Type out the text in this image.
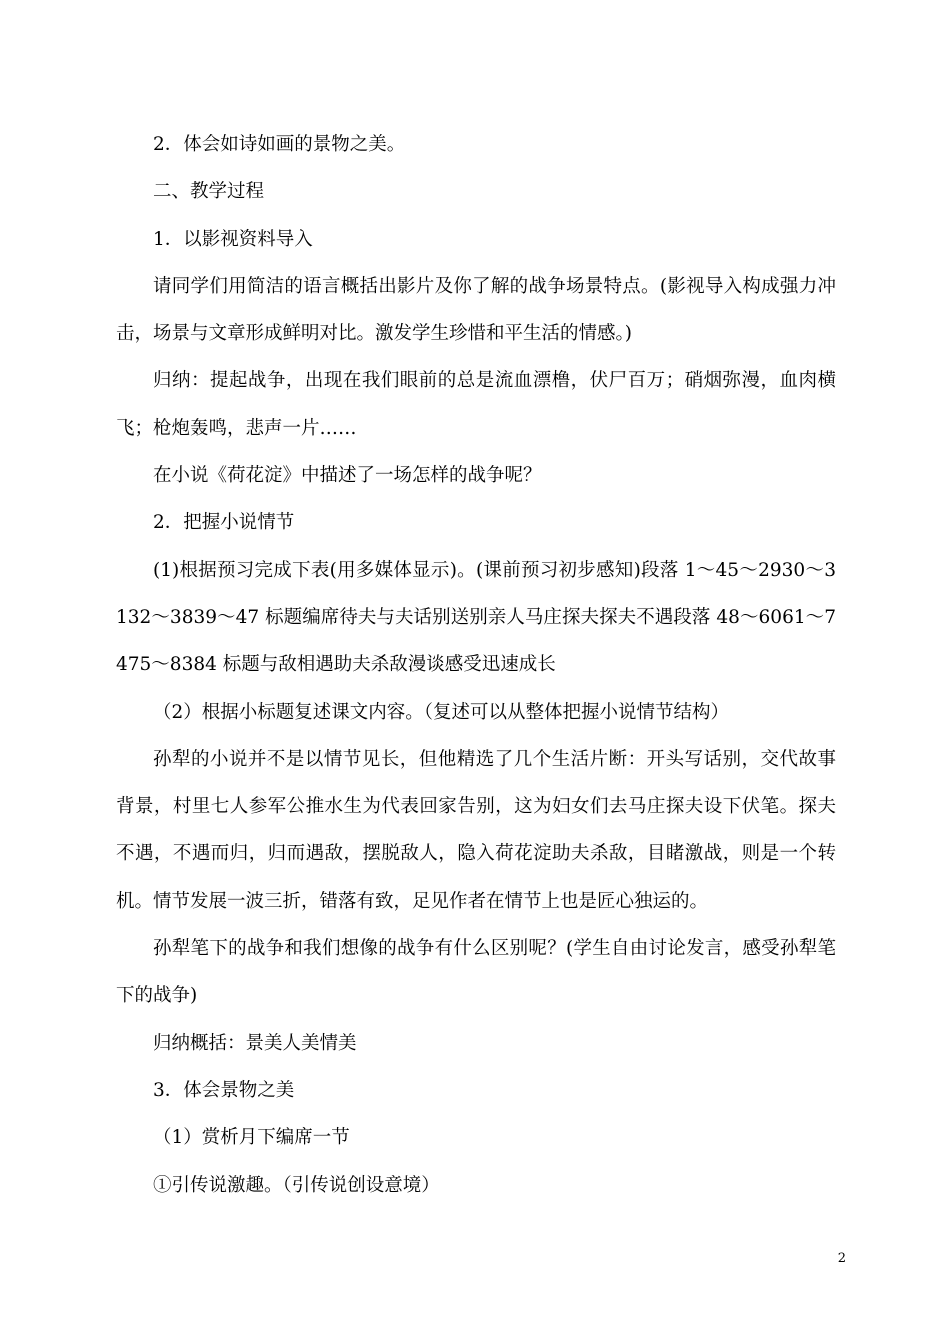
2．体会如诗如画的景物之美。

二、教学过程

1．以影视资料导入

请同学们用简洁的语言概括出影片及你了解的战争场景特点。(影视导入构成强力冲击，场景与文章形成鲜明对比。激发学生珍惜和平生活的情感。)

归纳：提起战争，出现在我们眼前的总是流血漂橹，伏尸百万；硝烟弥漫，血肉横飞；枪炮轰鸣，悲声一片……

在小说《荷花淀》中描述了一场怎样的战争呢？

2．把握小说情节

(1)根据预习完成下表(用多媒体显示)。(课前预习初步感知)段落 1～45～2930～3132～3839～47 标题编席待夫与夫话别送别亲人马庄探夫探夫不遇段落 48～6061～7475～8384 标题与敌相遇助夫杀敌漫谈感受迅速成长

（2）根据小标题复述课文内容。（复述可以从整体把握小说情节结构）

孙犁的小说并不是以情节见长，但他精选了几个生活片断：开头写话别，交代故事背景，村里七人参军公推水生为代表回家告别，这为妇女们去马庄探夫设下伏笔。探夫不遇，不遇而归，归而遇敌，摆脱敌人，隐入荷花淀助夫杀敌，目睹激战，则是一个转机。情节发展一波三折，错落有致，足见作者在情节上也是匠心独运的。

孙犁笔下的战争和我们想像的战争有什么区别呢？(学生自由讨论发言，感受孙犁笔下的战争)

归纳概括：景美人美情美

3．体会景物之美

（1）赏析月下编席一节

①引传说激趣。（引传说创设意境）

2
